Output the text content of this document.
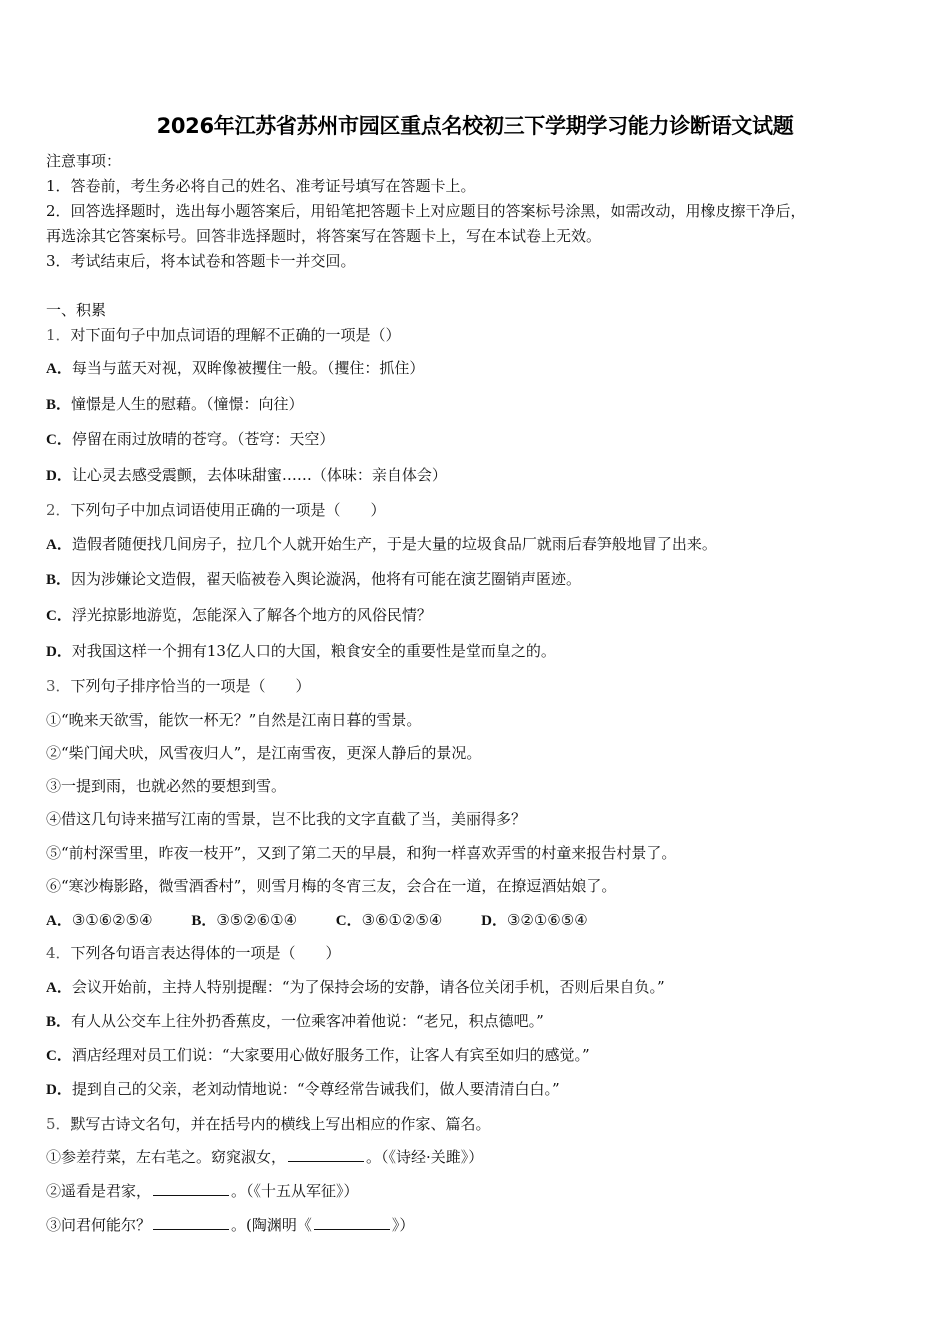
2026年江苏省苏州市园区重点名校初三下学期学习能力诊断语文试题
注意事项：
1．答卷前，考生务必将自己的姓名、准考证号填写在答题卡上。
2．回答选择题时，选出每小题答案后，用铅笔把答题卡上对应题目的答案标号涂黑，如需改动，用橡皮擦干净后，
再选涂其它答案标号。回答非选择题时，将答案写在答题卡上，写在本试卷上无效。
3．考试结束后，将本试卷和答题卡一并交回。
一、积累
1．对下面句子中加点词语的理解不正确的一项是（）
A．每当与蓝天对视，双眸像被攫住一般。（攫住：抓住）
B．憧憬是人生的慰藉。（憧憬：向往）
C．停留在雨过放晴的苍穹。（苍穹：天空）
D．让心灵去感受震颤，去体味甜蜜……（体味：亲自体会）
2．下列句子中加点词语使用正确的一项是（　　）
A．造假者随便找几间房子，拉几个人就开始生产，于是大量的垃圾食品厂就雨后春笋般地冒了出来。
B．因为涉嫌论文造假，翟天临被卷入舆论漩涡，他将有可能在演艺圈销声匿迹。
C．浮光掠影地游览，怎能深入了解各个地方的风俗民情？
D．对我国这样一个拥有13亿人口的大国，粮食安全的重要性是堂而皇之的。
3．下列句子排序恰当的一项是（　　）
①“晚来天欲雪，能饮一杯无？”自然是江南日暮的雪景。
②“柴门闻犬吠，风雪夜归人”，是江南雪夜，更深人静后的景况。
③一提到雨，也就必然的要想到雪。
④借这几句诗来描写江南的雪景，岂不比我的文字直截了当，美丽得多？
⑤“前村深雪里，昨夜一枝开”，又到了第二天的早晨，和狗一样喜欢弄雪的村童来报告村景了。
⑥“寒沙梅影路，微雪酒香村”，则雪月梅的冬宵三友，会合在一道，在撩逗酒姑娘了。
A．③①⑥②⑤④	B．③⑤②⑥①④	C．③⑥①②⑤④	D．③②①⑥⑤④
4．下列各句语言表达得体的一项是（　　）
A．会议开始前，主持人特别提醒：“为了保持会场的安静，请各位关闭手机，否则后果自负。”
B．有人从公交车上往外扔香蕉皮，一位乘客冲着他说：“老兄，积点德吧。”
C．酒店经理对员工们说：“大家要用心做好服务工作，让客人有宾至如归的感觉。”
D．提到自己的父亲，老刘动情地说：“令尊经常告诫我们，做人要清清白白。”
5．默写古诗文名句，并在括号内的横线上写出相应的作家、篇名。
①参差荇菜，左右芼之。窈窕淑女，	。（《诗经·关雎》）
②遥看是君家，	。（《十五从军征》）
③问君何能尔？	。(陶渊明《	》）
